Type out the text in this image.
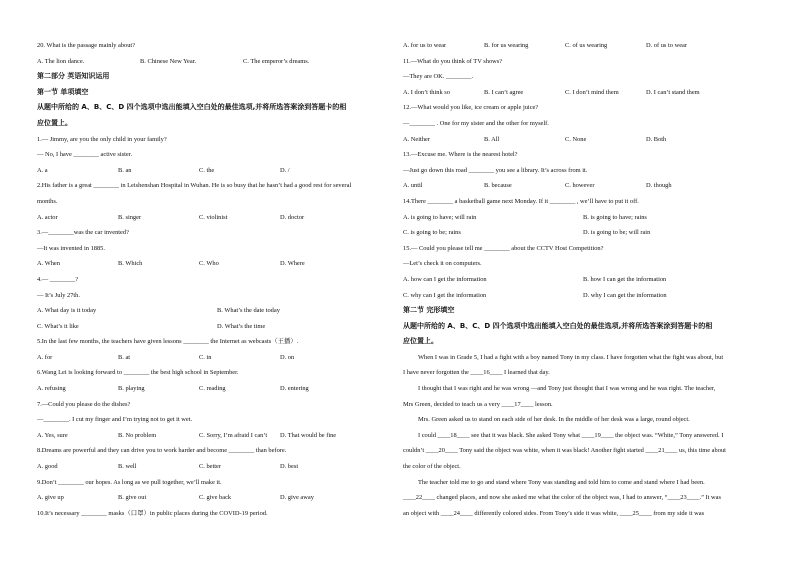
20. What is the passage mainly about?
A. The lion dance.	B. Chinese New Year.	C. The emperor’s dreams.
第二部分 英语知识运用
第一节 单项填空
从题中所给的 A、B、C、D 四个选项中选出能填入空白处的最佳选项,并将所选答案涂到答题卡的相
应位置上。
1.— Jimmy, are you the only child in your family?
— No, I have ________ active sister.
A. a	B. an	C. the	D. /
2.His father is a great ________ in Leishenshan Hospital in Wuhan. He is so busy that he hasn’t had a good rest for several
months.
A. actor	B. singer	C. violinist	D. doctor
3.—________was the car invented?
—It was invented in 1885.
A. When	B. Which	C. Who	D. Where
4.— ________?
— It’s July 27th.
A. What day is it today	B. What’s the date today
C. What’s it like	D. What’s the time
5.In the last few months, the teachers have given lessons ________ the Internet as webcasts（王播）.
A. for	B. at	C. in	D. on
6.Wang Lei is looking forward to ________ the best high school in September.
A. refusing	B. playing	C. reading	D. entering
7.—Could you please do the dishes?
—________. I cut my finger and I’m trying not to get it wet.
A. Yes, sure	B. No problem	C. Sorry, I’m afraid I can’t	D. That would be fine
8.Dreams are powerful and they can drive you to work harder and become ________ than before.
A. good	B. well	C. better	D. best
9.Don’t ________ our hopes. As long as we pull together, we’ll make it.
A. give up	B. give out	C. give back	D. give away
10.It’s necessary ________ masks（口罩）in public places during the COVID-19 period.
A. for us to wear	B. for us wearing	C. of us wearing	D. of us to wear
11.—What do you think of TV shows?
—They are OK. ________.
A. I don’t think so	B. I can’t agree	C. I don’t mind them	D. I can’t stand them
12.—What would you like, ice cream or apple juice?
—________ . One for my sister and the other for myself.
A. Neither	B. All	C. None	D. Both
13.—Excuse me. Where is the nearest hotel?
—Just go down this road ________ you see a library. It’s across from it.
A. until	B. because	C. however	D. though
14.There ________ a basketball game next Monday. If it ________ , we’ll have to put it off.
A. is going to have; will rain	B. is going to have; rains
C. is going to be; rains	D. is going to be; will rain
15.— Could you please tell me ________ about the CCTV Host Competition?
—Let’s check it on computers.
A. how can I get the information	B. how I can get the information
C. why can I get the information	D. why I can get the information
第二节 完形填空
从题中所给的 A、B、C、D 四个选项中选出能填入空白处的最佳选项,并将所选答案涂到答题卡的相
应位置上。
When I was in Grade 5, I had a fight with a boy named Tony in my class. I have forgotten what the fight was about, but
I have never forgotten the ____16____ I learned that day.
I thought that I was right and he was wrong —and Tony just thought that I was wrong and he was right. The teacher,
Mrs Green, decided to teach us a very ____17____ lesson.
Mrs. Green asked us to stand on each side of her desk. In the middle of her desk was a large, round object.
I could ____18____ see that it was black. She asked Tony what ____19____ the object was. “White,” Tony answered. I
couldn’t ____20____ Tony said the object was white, when it was black! Another fight started ____21____ us, this time about
the color of the object.
The teacher told me to go and stand where Tony was standing and told him to come and stand where I had been.
____22____ changed places, and now she asked me what the color of the object was, I had to answer, “____23____.” It was
an object with ____24____ differently colored sides. From Tony’s side it was white, ____25____ from my side it was
